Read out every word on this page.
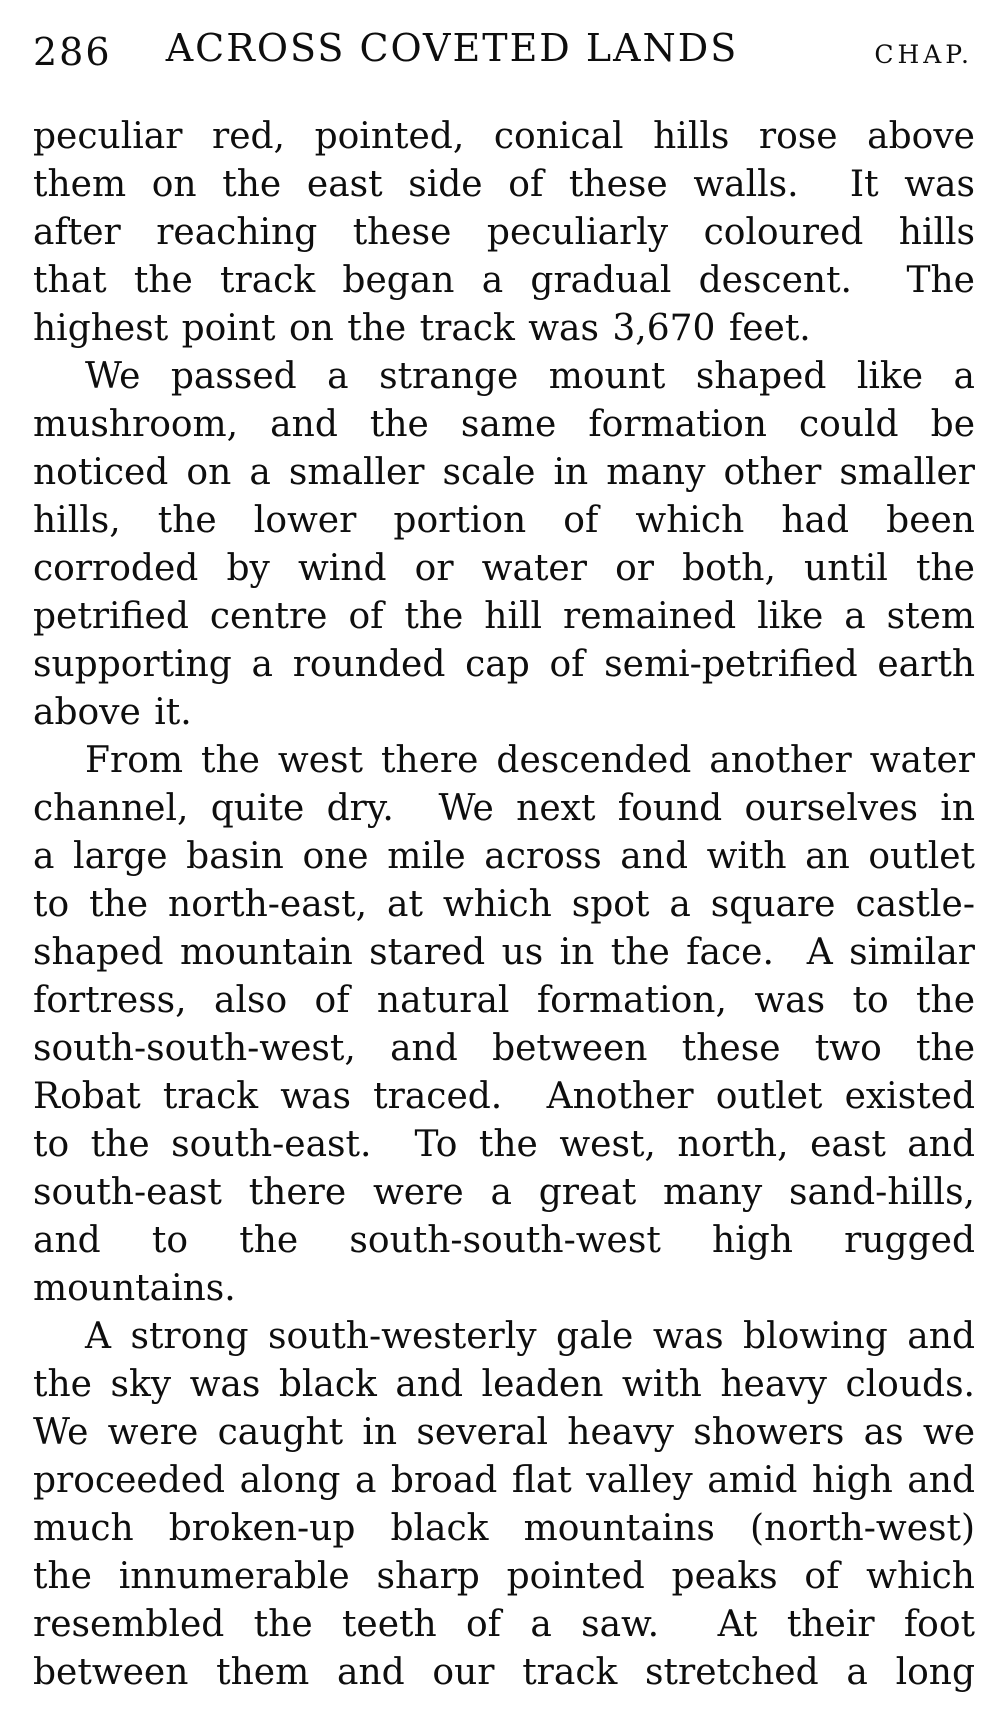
286 ACROSS COVETED LANDS	CHAP.
peculiar red, pointed, conical hills rose above
them on the east side of these walls.  It was
after reaching these peculiarly coloured hills
that the track began a gradual descent.  The
highest point on the track was 3,670 feet.
We passed a strange mount shaped like a
mushroom, and the same formation could be
noticed on a smaller scale in many other smaller
hills, the lower portion of which had been
corroded by wind or water or both, until the
petrified centre of the hill remained like a stem
supporting a rounded cap of semi-petrified earth
above it.
From the west there descended another water
channel, quite dry.  We next found ourselves in
a large basin one mile across and with an outlet
to the north-east, at which spot a square castle-
shaped mountain stared us in the face.  A similar
fortress, also of natural formation, was to the
south-south-west, and between these two the
Robat track was traced.  Another outlet existed
to the south-east.  To the west, north, east and
south-east there were a great many sand-hills,
and to the south-south-west high rugged
mountains.
A strong south-westerly gale was blowing and
the sky was black and leaden with heavy clouds.
We were caught in several heavy showers as we
proceeded along a broad flat valley amid high and
much broken-up black mountains (north-west)
the innumerable sharp pointed peaks of which
resembled the teeth of a saw.  At their foot
between them and our track stretched a long
